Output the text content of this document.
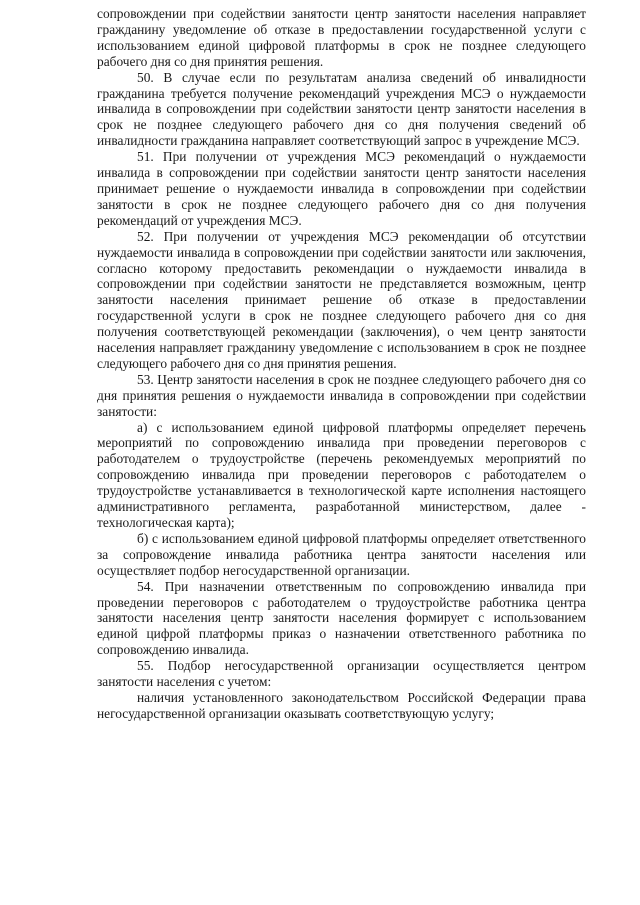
сопровождении при содействии занятости центр занятости населения направляет гражданину уведомление об отказе в предоставлении государственной услуги с использованием единой цифровой платформы в срок не позднее следующего рабочего дня со дня принятия решения.

50. В случае если по результатам анализа сведений об инвалидности гражданина требуется получение рекомендаций учреждения МСЭ о нуждаемости инвалида в сопровождении при содействии занятости центр занятости населения в срок не позднее следующего рабочего дня со дня получения сведений об инвалидности гражданина направляет соответствующий запрос в учреждение МСЭ.

51. При получении от учреждения МСЭ рекомендаций о нуждаемости инвалида в сопровождении при содействии занятости центр занятости населения принимает решение о нуждаемости инвалида в сопровождении при содействии занятости в срок не позднее следующего рабочего дня со дня получения рекомендаций от учреждения МСЭ.

52. При получении от учреждения МСЭ рекомендации об отсутствии нуждаемости инвалида в сопровождении при содействии занятости или заключения, согласно которому предоставить рекомендации о нуждаемости инвалида в сопровождении при содействии занятости не представляется возможным, центр занятости населения принимает решение об отказе в предоставлении государственной услуги в срок не позднее следующего рабочего дня со дня получения соответствующей рекомендации (заключения), о чем центр занятости населения направляет гражданину уведомление с использованием в срок не позднее следующего рабочего дня со дня принятия решения.

53. Центр занятости населения в срок не позднее следующего рабочего дня со дня принятия решения о нуждаемости инвалида в сопровождении при содействии занятости:

а) с использованием единой цифровой платформы определяет перечень мероприятий по сопровождению инвалида при проведении переговоров с работодателем о трудоустройстве (перечень рекомендуемых мероприятий по сопровождению инвалида при проведении переговоров с работодателем о трудоустройстве устанавливается в технологической карте исполнения настоящего административного регламента, разработанной министерством, далее - технологическая карта);

б) с использованием единой цифровой платформы определяет ответственного за сопровождение инвалида работника центра занятости населения или осуществляет подбор негосударственной организации.

54. При назначении ответственным по сопровождению инвалида при проведении переговоров с работодателем о трудоустройстве работника центра занятости населения центр занятости населения формирует с использованием единой цифрой платформы приказ о назначении ответственного работника по сопровождению инвалида.

55. Подбор негосударственной организации осуществляется центром занятости населения с учетом:

наличия установленного законодательством Российской Федерации права негосударственной организации оказывать соответствующую услугу;
